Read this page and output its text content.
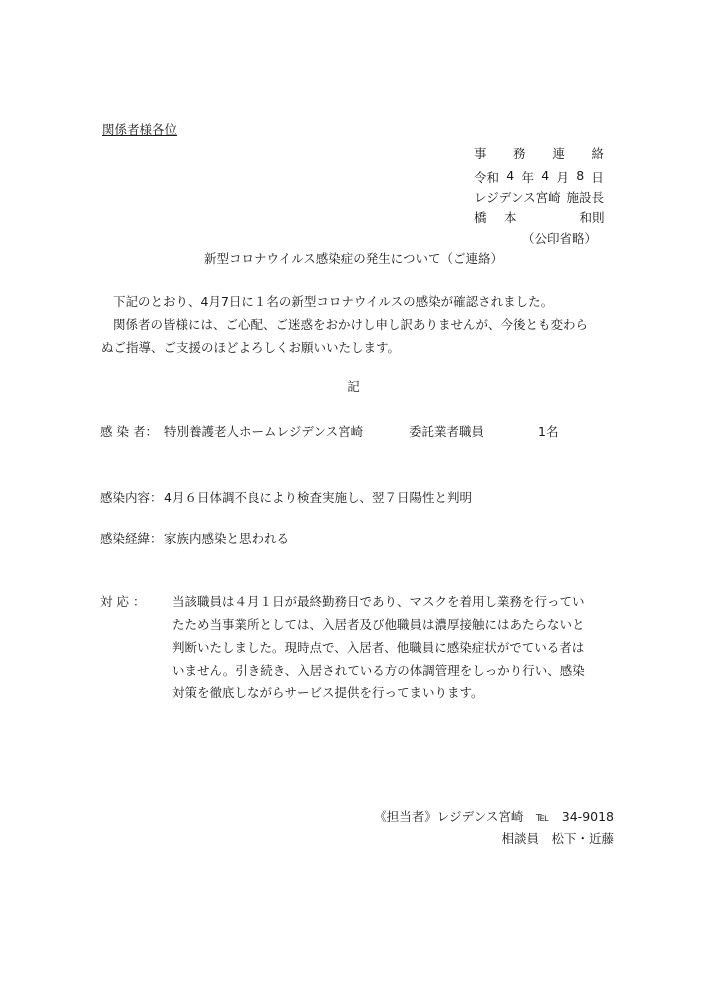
関係者様各位
事 務 連 絡
令和 4 年 4 月 8 日
レジデンス宮崎 施設長
橋	本	和 則
（公印省略）
新型コロナウイルス感染症の発生について（ご連絡）
下記のとおり、4月7日に１名の新型コロナウイルスの感染が確認されました。
関係者の皆様には、ご心配、ご迷惑をおかけし申し訳ありませんが、今後とも変わら
ぬご指導、ご支援のほどよろしくお願いいたします。
記
感 染 者： 特別養護老人ホームレジデンス宮崎	委託業者職員	1名
感染内容： 4月６日体調不良により検査実施し、翌７日陽性と判明
感染経緯： 家族内感染と思われる
対 応 ： 当該職員は４月１日が最終勤務日であり、マスクを着用し業務を行ってい
たため当事業所としては、入居者及び他職員は濃厚接触にはあたらないと
判断いたしました。現時点で、入居者、他職員に感染症状がでている者は
いません。引き続き、入居されている方の体調管理をしっかり行い、感染
対策を徹底しながらサービス提供を行ってまいります。
《担当者》レジデンス宮崎　℡　34-9018
相談員　松下・近藤
